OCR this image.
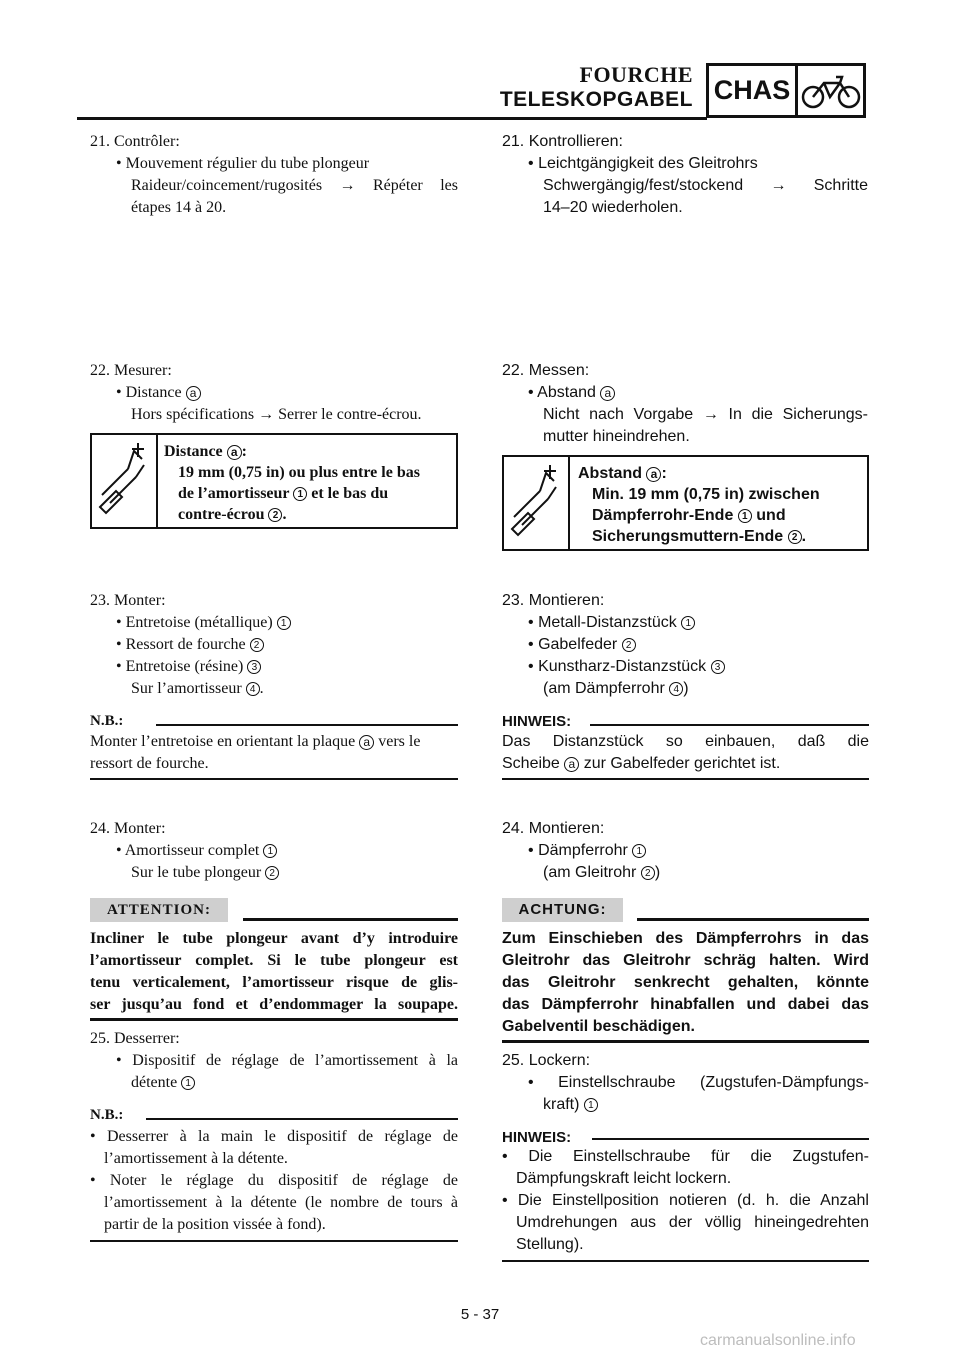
FOURCHE
TELESKOPGABEL CHAS
21. Contrôler:
• Mouvement régulier du tube plongeur
Raideur/coincement/rugosités → Répéter les
étapes 14 à 20.
22. Mesurer:
• Distance a
Hors spécifications → Serrer le contre-écrou.
Distance a :
19 mm (0,75 in) ou plus entre le bas
de l’amortisseur 1 et le bas du
contre-écrou 2 .
23. Monter:
• Entretoise (métallique) 1
• Ressort de fourche 2
• Entretoise (résine) 3
Sur l’amortisseur 4 .
N.B.:
Monter l’entretoise en orientant la plaque a vers le
ressort de fourche.
24. Monter:
• Amortisseur complet 1
Sur le tube plongeur 2
ATTENTION:
Incliner le tube plongeur avant d’y introduire
l’amortisseur complet. Si le tube plongeur est
tenu verticalement, l’amortisseur risque de glis-
ser jusqu’au fond et d’endommager la soupape.
25. Desserrer:
• Dispositif de réglage de l’amortissement à la
détente 1
N.B.:
• Desserrer à la main le dispositif de réglage de
l’amortissement à la détente.
• Noter le réglage du dispositif de réglage de
l’amortissement à la détente (le nombre de tours à
partir de la position vissée à fond).
21. Kontrollieren:
• Leichtgängigkeit des Gleitrohrs
Schwergängig/fest/stockend → Schritte
14–20 wiederholen.
22. Messen:
• Abstand a
Nicht nach Vorgabe → In die Sicherungs-
mutter hineindrehen.
Abstand a :
Min. 19 mm (0,75 in) zwischen
Dämpferrohr-Ende 1 und
Sicherungsmuttern-Ende 2 .
23. Montieren:
• Metall-Distanzstück 1
• Gabelfeder 2
• Kunstharz-Distanzstück 3
(am Dämpferrohr 4 )
HINWEIS:
Das Distanzstück so einbauen, daß die
Scheibe a zur Gabelfeder gerichtet ist.
24. Montieren:
• Dämpferrohr 1
(am Gleitrohr 2 )
ACHTUNG:
Zum Einschieben des Dämpferrohrs in das
Gleitrohr das Gleitrohr schräg halten. Wird
das Gleitrohr senkrecht gehalten, könnte
das Dämpferrohr hinabfallen und dabei das
Gabelventil beschädigen.
25. Lockern:
• Einstellschraube (Zugstufen-Dämpfungs-
kraft) 1
HINWEIS:
• Die Einstellschraube für die Zugstufen-
Dämpfungskraft leicht lockern.
• Die Einstellposition notieren (d. h. die Anzahl
Umdrehungen aus der völlig hineingedrehten
Stellung).
5 - 37
carmanualsonline.info
